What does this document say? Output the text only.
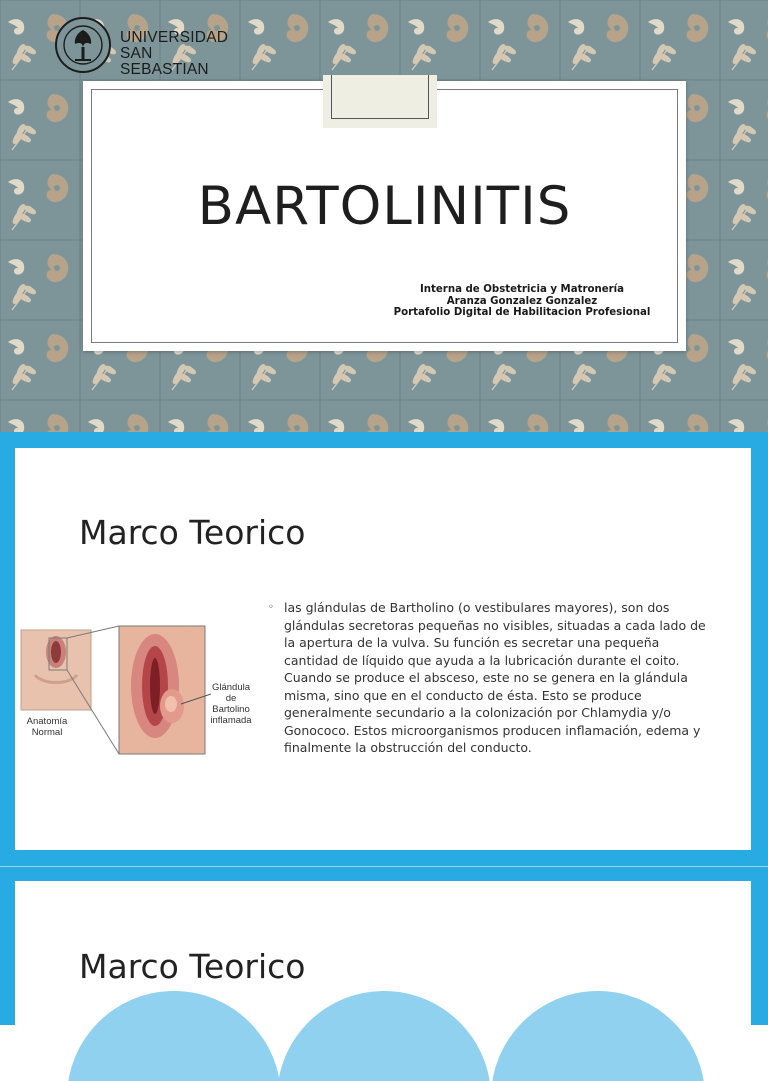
UNIVERSIDAD
SAN SEBASTIAN
BARTOLINITIS
Interna de Obstetricia y Matronería
Aranza Gonzalez Gonzalez
Portafolio Digital de Habilitacion Profesional
Marco Teorico
Anatomía
Normal
Glándula
de
Bartolino
inflamada
◦ las glándulas de Bartholino (o vestibulares mayores), son dos glándulas secretoras pequeñas no visibles, situadas a cada lado de la apertura de la vulva. Su función es secretar una pequeña cantidad de líquido que ayuda a la lubricación durante el coito. Cuando se produce el absceso, este no se genera en la glándula misma, sino que en el conducto de ésta. Esto se produce generalmente secundario a la colonización por Chlamydia y/o Gonococo. Estos microorganismos producen inflamación, edema y finalmente la obstrucción del conducto.
Marco Teorico
